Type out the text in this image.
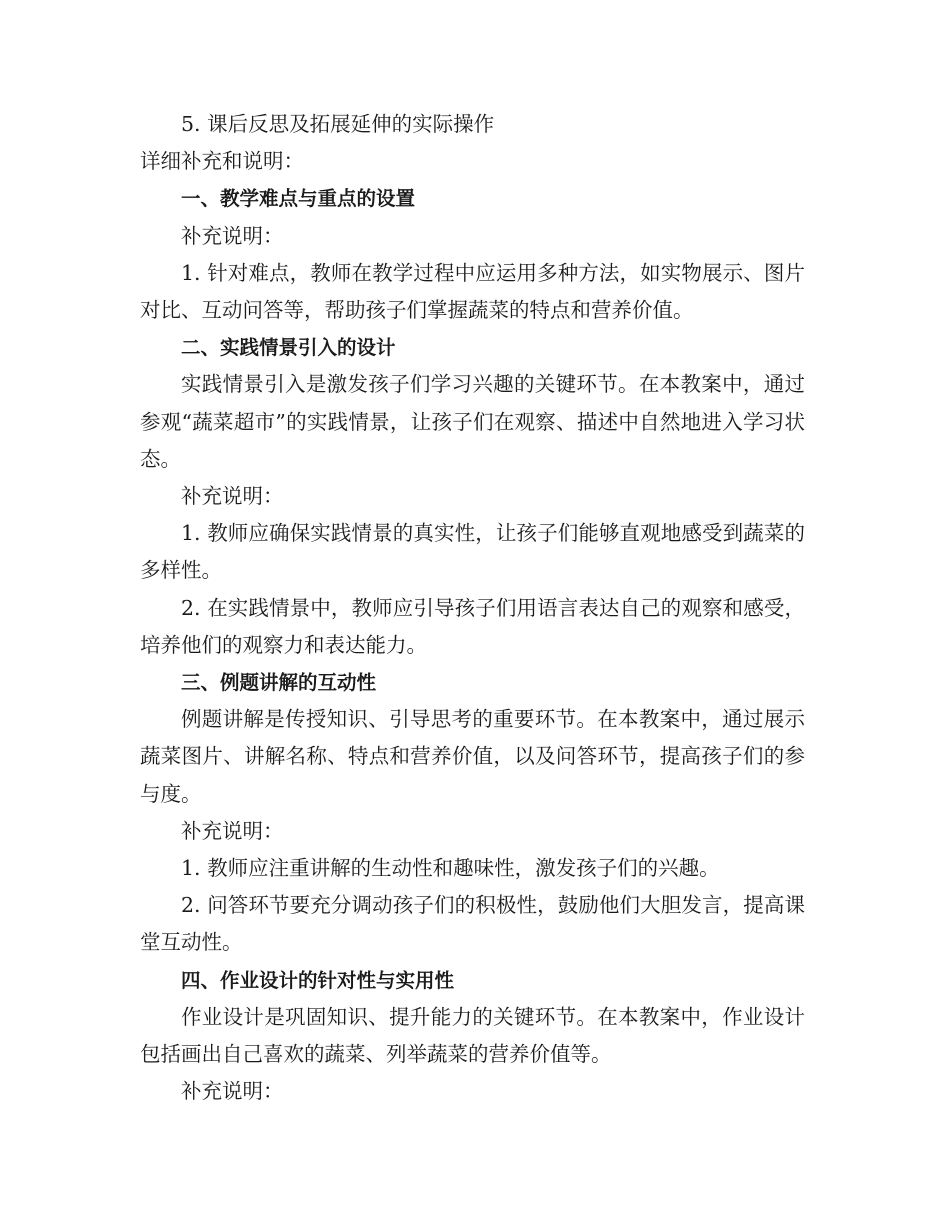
5. 课后反思及拓展延伸的实际操作

详细补充和说明：

一、教学难点与重点的设置

补充说明：

1. 针对难点，教师在教学过程中应运用多种方法，如实物展示、图片对比、互动问答等，帮助孩子们掌握蔬菜的特点和营养价值。

二、实践情景引入的设计

实践情景引入是激发孩子们学习兴趣的关键环节。在本教案中，通过参观“蔬菜超市”的实践情景，让孩子们在观察、描述中自然地进入学习状态。

补充说明：

1. 教师应确保实践情景的真实性，让孩子们能够直观地感受到蔬菜的多样性。

2. 在实践情景中，教师应引导孩子们用语言表达自己的观察和感受，培养他们的观察力和表达能力。

三、例题讲解的互动性

例题讲解是传授知识、引导思考的重要环节。在本教案中，通过展示蔬菜图片、讲解名称、特点和营养价值，以及问答环节，提高孩子们的参与度。

补充说明：

1. 教师应注重讲解的生动性和趣味性，激发孩子们的兴趣。

2. 问答环节要充分调动孩子们的积极性，鼓励他们大胆发言，提高课堂互动性。

四、作业设计的针对性与实用性

作业设计是巩固知识、提升能力的关键环节。在本教案中，作业设计包括画出自己喜欢的蔬菜、列举蔬菜的营养价值等。

补充说明：
